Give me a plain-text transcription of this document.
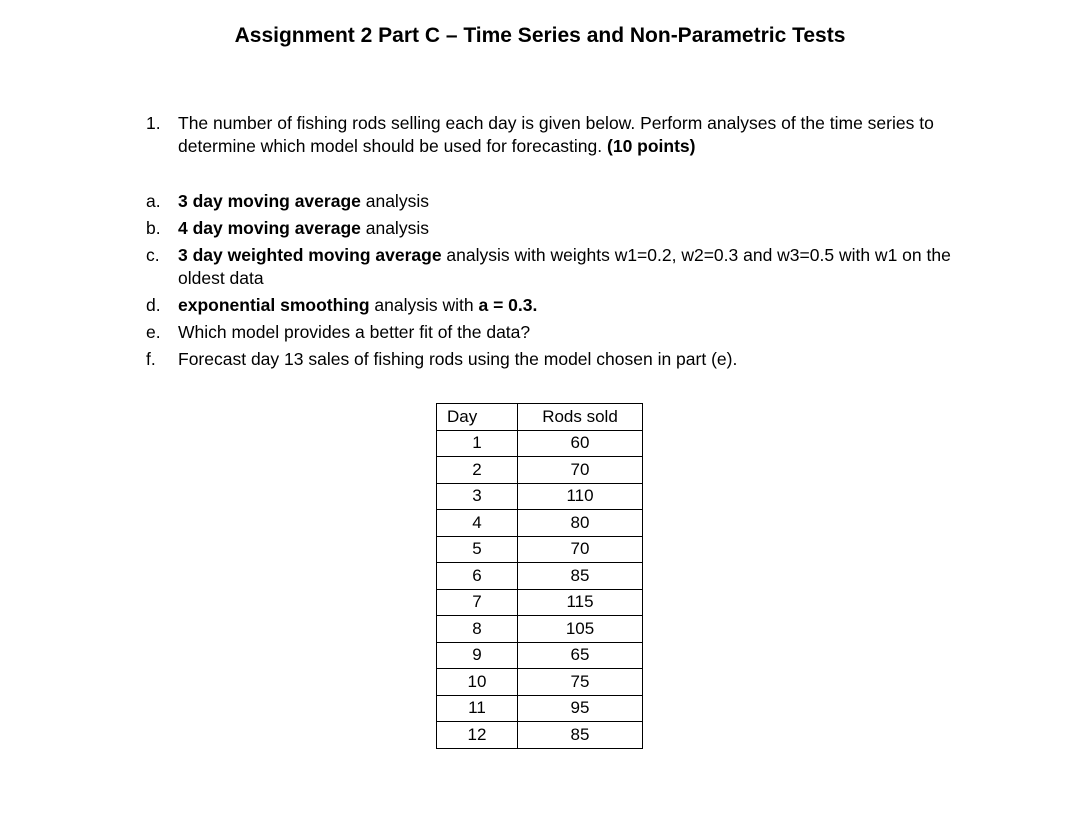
Assignment 2 Part C – Time Series and Non-Parametric Tests
1. The number of fishing rods selling each day is given below. Perform analyses of the time series to determine which model should be used for forecasting. (10 points)
a. 3 day moving average analysis
b. 4 day moving average analysis
c. 3 day weighted moving average analysis with weights w1=0.2, w2=0.3 and w3=0.5 with w1 on the oldest data
d. exponential smoothing analysis with a = 0.3.
e. Which model provides a better fit of the data?
f. Forecast day 13 sales of fishing rods using the model chosen in part (e).
Day	Rods sold
1	60
2	70
3	110
4	80
5	70
6	85
7	115
8	105
9	65
10	75
11	95
12	85
